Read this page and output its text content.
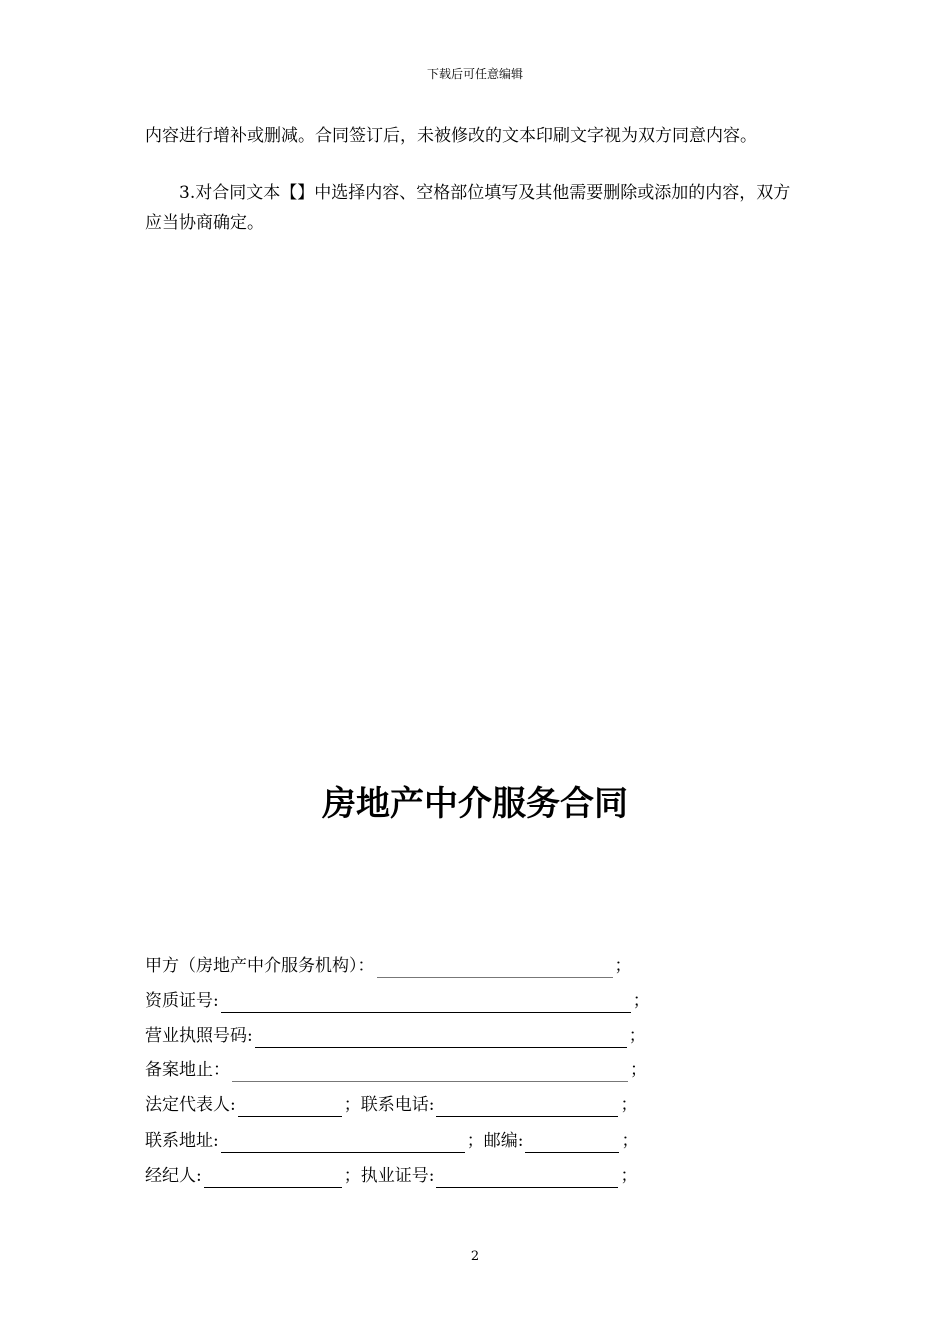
下载后可任意编辑
内容进行增补或删减。合同签订后，未被修改的文本印刷文字视为双方同意内容。
3.对合同文本【】中选择内容、空格部位填写及其他需要删除或添加的内容，双方应当协商确定。
房地产中介服务合同
甲方（房地产中介服务机构）：	；
资质证号:	；
营业执照号码:	；
备案地止：	；
法定代表人:	；联系电话:	；
联系地址:	；邮编:	；
经纪人:	；执业证号:	；
2
